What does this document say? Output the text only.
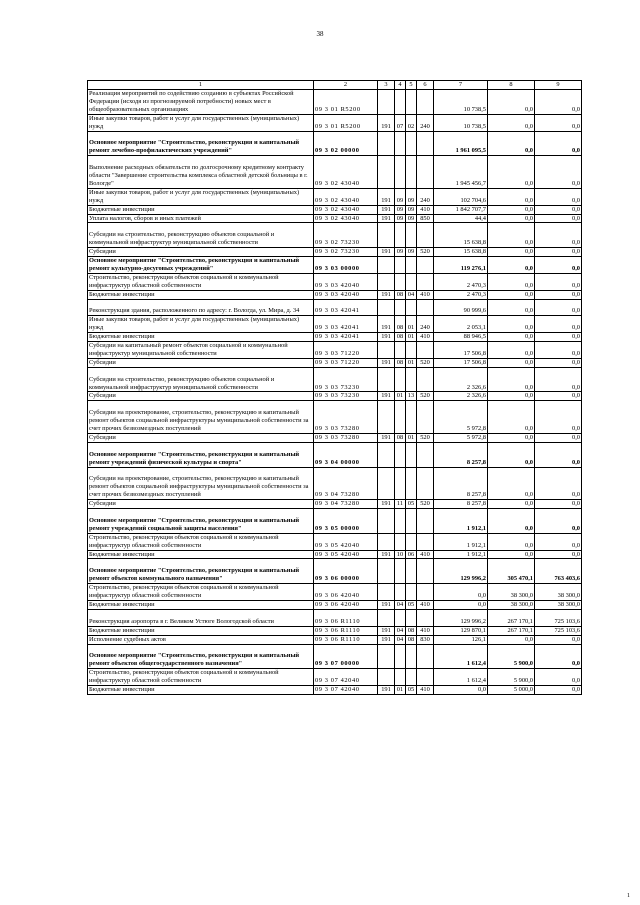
38
1	2	3	4	5	6	7	8	9
Реализация мероприятий по содействию созданию в субъектах Российской Федерации (исходя из прогнозируемой потребности) новых мест в общеобразовательных организациях	09 3 01 R5200					10 738,5	0,0	0,0
Иные закупки товаров, работ и услуг для государственных (муниципальных) нужд	09 3 01 R5200	191	07	02	240	10 738,5	0,0	0,0
Основное мероприятие "Строительство, реконструкция и капитальный ремонт лечебно-профилактических учреждений"	09 3 02 00000					1 961 095,5	0,0	0,0
Выполнение расходных обязательств по долгосрочному кредитному контракту области "Завершение строительства комплекса областной детской больницы в г. Вологде"	09 3 02 43040					1 945 456,7	0,0	0,0
Иные закупки товаров, работ и услуг для государственных (муниципальных) нужд	09 3 02 43040	191	09	09	240	102 704,6	0,0	0,0
Бюджетные инвестиции	09 3 02 43040	191	09	09	410	1 842 707,7	0,0	0,0
Уплата налогов, сборов и иных платежей	09 3 02 43040	191	09	09	850	44,4	0,0	0,0
Субсидии на строительство, реконструкцию объектов социальной и коммунальной инфраструктур муниципальной собственности	09 3 02 73230					15 638,8	0,0	0,0
Субсидии	09 3 02 73230	191	09	09	520	15 638,8	0,0	0,0
Основное мероприятие "Строительство, реконструкция и капитальный ремонт культурно-досуговых учреждений"	09 3 03 00000					119 276,1	0,0	0,0
Строительство, реконструкция объектов социальной и коммунальной инфраструктур областной собственности	09 3 03 42040					2 470,3	0,0	0,0
Бюджетные инвестиции	09 3 03 42040	191	08	04	410	2 470,3	0,0	0,0
Реконструкция здания, расположенного по адресу: г. Вологда, ул. Мира, д. 34	09 3 03 42041					90 999,6	0,0	0,0
Иные закупки товаров, работ и услуг для государственных (муниципальных) нужд	09 3 03 42041	191	08	01	240	2 053,1	0,0	0,0
Бюджетные инвестиции	09 3 03 42041	191	08	01	410	88 946,5	0,0	0,0
Субсидии на капитальный ремонт объектов социальной и коммунальной инфраструктур муниципальной собственности	09 3 03 71220					17 506,8	0,0	0,0
Субсидии	09 3 03 71220	191	08	01	520	17 506,8	0,0	0,0
Субсидии на строительство, реконструкцию объектов социальной и коммунальной инфраструктур муниципальной собственности	09 3 03 73230					2 326,6	0,0	0,0
Субсидии	09 3 03 73230	191	01	13	520	2 326,6	0,0	0,0
Субсидии на проектирование, строительство, реконструкцию и капитальный ремонт объектов социальной инфраструктуры муниципальной собственности за счет прочих безвозмездных поступлений	09 3 03 73280					5 972,8	0,0	0,0
Субсидии	09 3 03 73280	191	08	01	520	5 972,8	0,0	0,0
Основное мероприятие "Строительство, реконструкция и капитальный ремонт учреждений физической культуры и спорта"	09 3 04 00000					8 257,8	0,0	0,0
Субсидии на проектирование, строительство, реконструкцию и капитальный ремонт объектов социальной инфраструктуры муниципальной собственности за счет прочих безвозмездных поступлений	09 3 04 73280					8 257,8	0,0	0,0
Субсидии	09 3 04 73280	191	11	05	520	8 257,8	0,0	0,0
Основное мероприятие "Строительство, реконструкция и капитальный ремонт учреждений социальной защиты населения"	09 3 05 00000					1 912,1	0,0	0,0
Строительство, реконструкция объектов социальной и коммунальной инфраструктур областной собственности	09 3 05 42040					1 912,1	0,0	0,0
Бюджетные инвестиции	09 3 05 42040	191	10	06	410	1 912,1	0,0	0,0
Основное мероприятие "Строительство, реконструкция и капитальный ремонт объектов коммунального назначения"	09 3 06 00000					129 996,2	305 470,1	763 403,6
Строительство, реконструкция объектов социальной и коммунальной инфраструктур областной собственности	09 3 06 42040					0,0	38 300,0	38 300,0
Бюджетные инвестиции	09 3 06 42040	191	04	05	410	0,0	38 300,0	38 300,0
Реконструкция аэропорта в г. Великом Устюге Вологодской области	09 3 06 R1110					129 996,2	267 170,1	725 103,6
Бюджетные инвестиции	09 3 06 R1110	191	04	08	410	129 870,1	267 170,1	725 103,6
Исполнение судебных актов	09 3 06 R1110	191	04	08	830	126,1	0,0	0,0
Основное мероприятие "Строительство, реконструкция и капитальный ремонт объектов общегосударственного назначения"	09 3 07 00000					1 612,4	5 900,0	0,0
Строительство, реконструкция объектов социальной и коммунальной инфраструктур областной собственности	09 3 07 42040					1 612,4	5 900,0	0,0
Бюджетные инвестиции	09 3 07 42040	191	01	05	410	0,0	5 000,0	0,0
1
